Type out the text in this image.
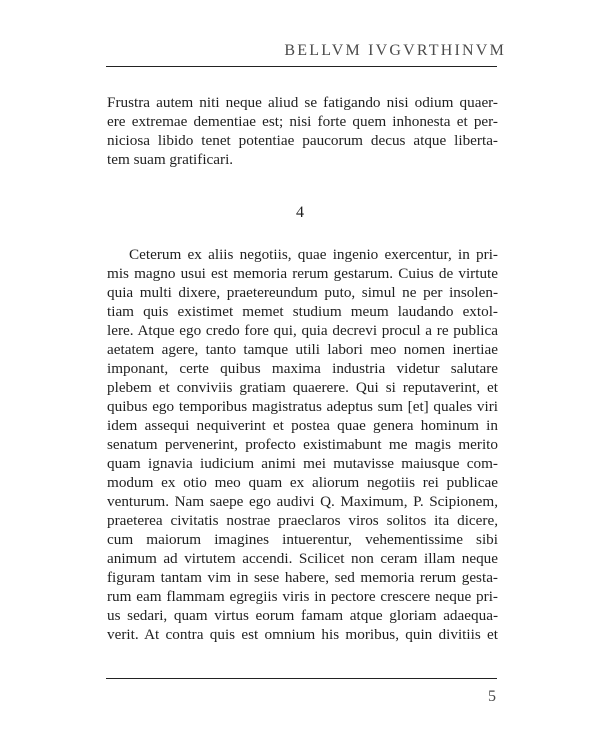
BELLVM IVGVRTHINVM
Frustra autem niti neque aliud se fatigando nisi odium quaer-
ere extremae dementiae est; nisi forte quem inhonesta et per-
niciosa libido tenet potentiae paucorum decus atque liberta-
tem suam gratificari.
4
Ceterum ex aliis negotiis, quae ingenio exercentur, in pri-
mis magno usui est memoria rerum gestarum. Cuius de virtute
quia multi dixere, praetereundum puto, simul ne per insolen-
tiam quis existimet memet studium meum laudando extol-
lere. Atque ego credo fore qui, quia decrevi procul a re publica
aetatem agere, tanto tamque utili labori meo nomen inertiae
imponant, certe quibus maxima industria videtur salutare
plebem et conviviis gratiam quaerere. Qui si reputaverint, et
quibus ego temporibus magistratus adeptus sum [et] quales viri
idem assequi nequiverint et postea quae genera hominum in
senatum pervenerint, profecto existimabunt me magis merito
quam ignavia iudicium animi mei mutavisse maiusque com-
modum ex otio meo quam ex aliorum negotiis rei publicae
venturum. Nam saepe ego audivi Q. Maximum, P. Scipionem,
praeterea civitatis nostrae praeclaros viros solitos ita dicere,
cum maiorum imagines intuerentur, vehementissime sibi
animum ad virtutem accendi. Scilicet non ceram illam neque
figuram tantam vim in sese habere, sed memoria rerum gesta-
rum eam flammam egregiis viris in pectore crescere neque pri-
us sedari, quam virtus eorum famam atque gloriam adaequa-
verit. At contra quis est omnium his moribus, quin divitiis et
5
